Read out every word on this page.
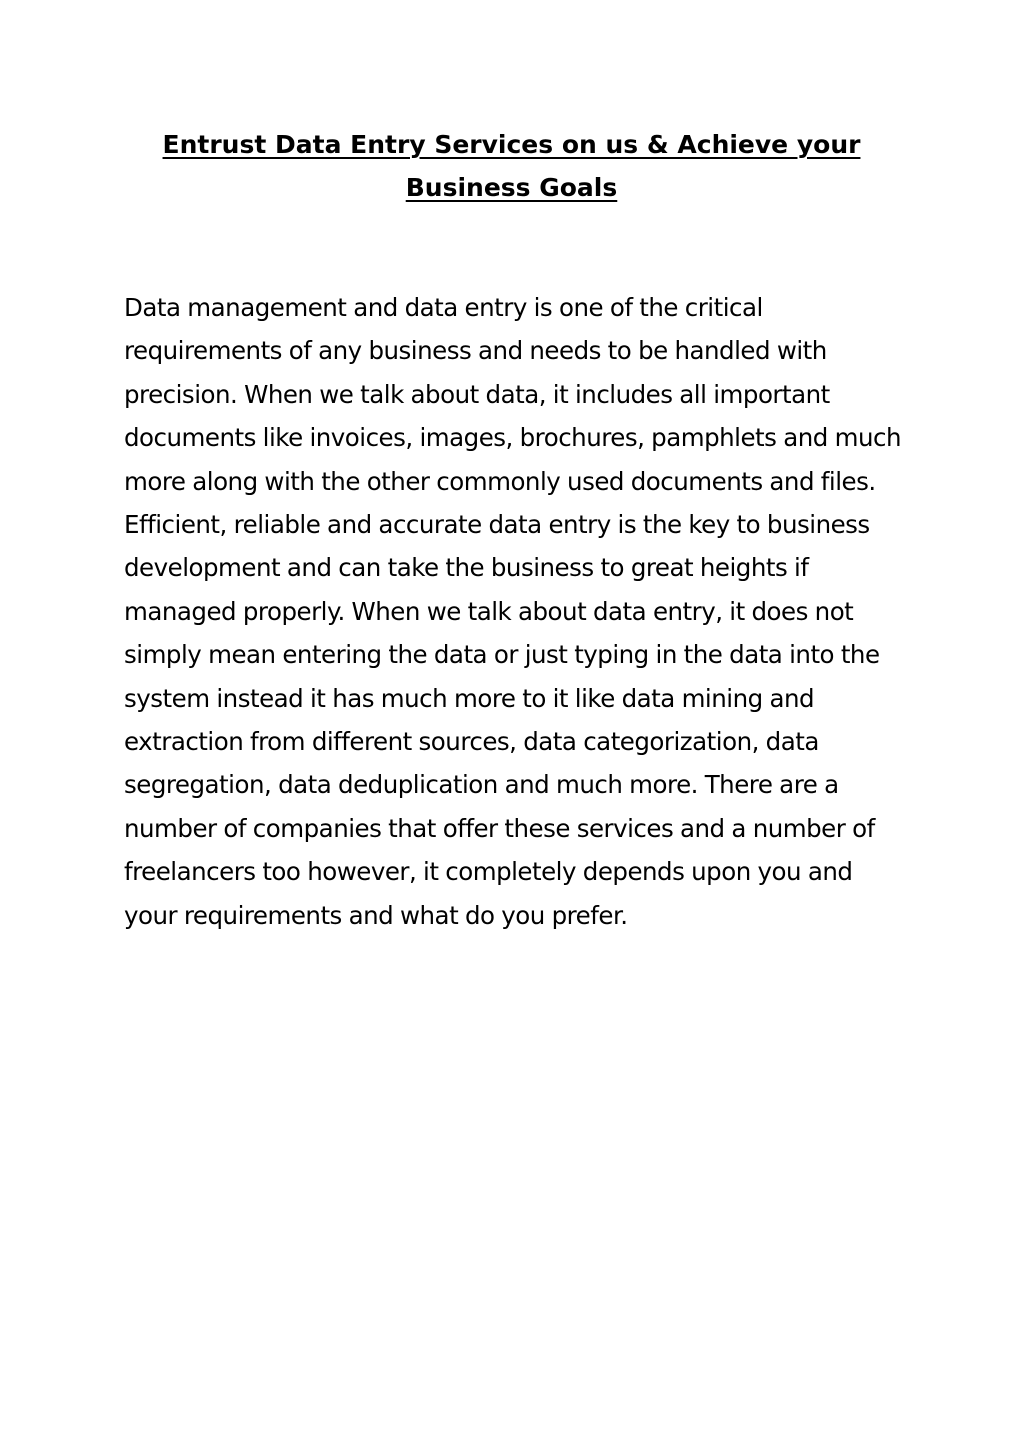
Entrust Data Entry Services on us & Achieve your Business Goals

Data management and data entry is one of the critical requirements of any business and needs to be handled with precision. When we talk about data, it includes all important documents like invoices, images, brochures, pamphlets and much more along with the other commonly used documents and files. Efficient, reliable and accurate data entry is the key to business development and can take the business to great heights if managed properly. When we talk about data entry, it does not simply mean entering the data or just typing in the data into the system instead it has much more to it like data mining and extraction from different sources, data categorization, data segregation, data deduplication and much more. There are a number of companies that offer these services and a number of freelancers too however, it completely depends upon you and your requirements and what do you prefer.
